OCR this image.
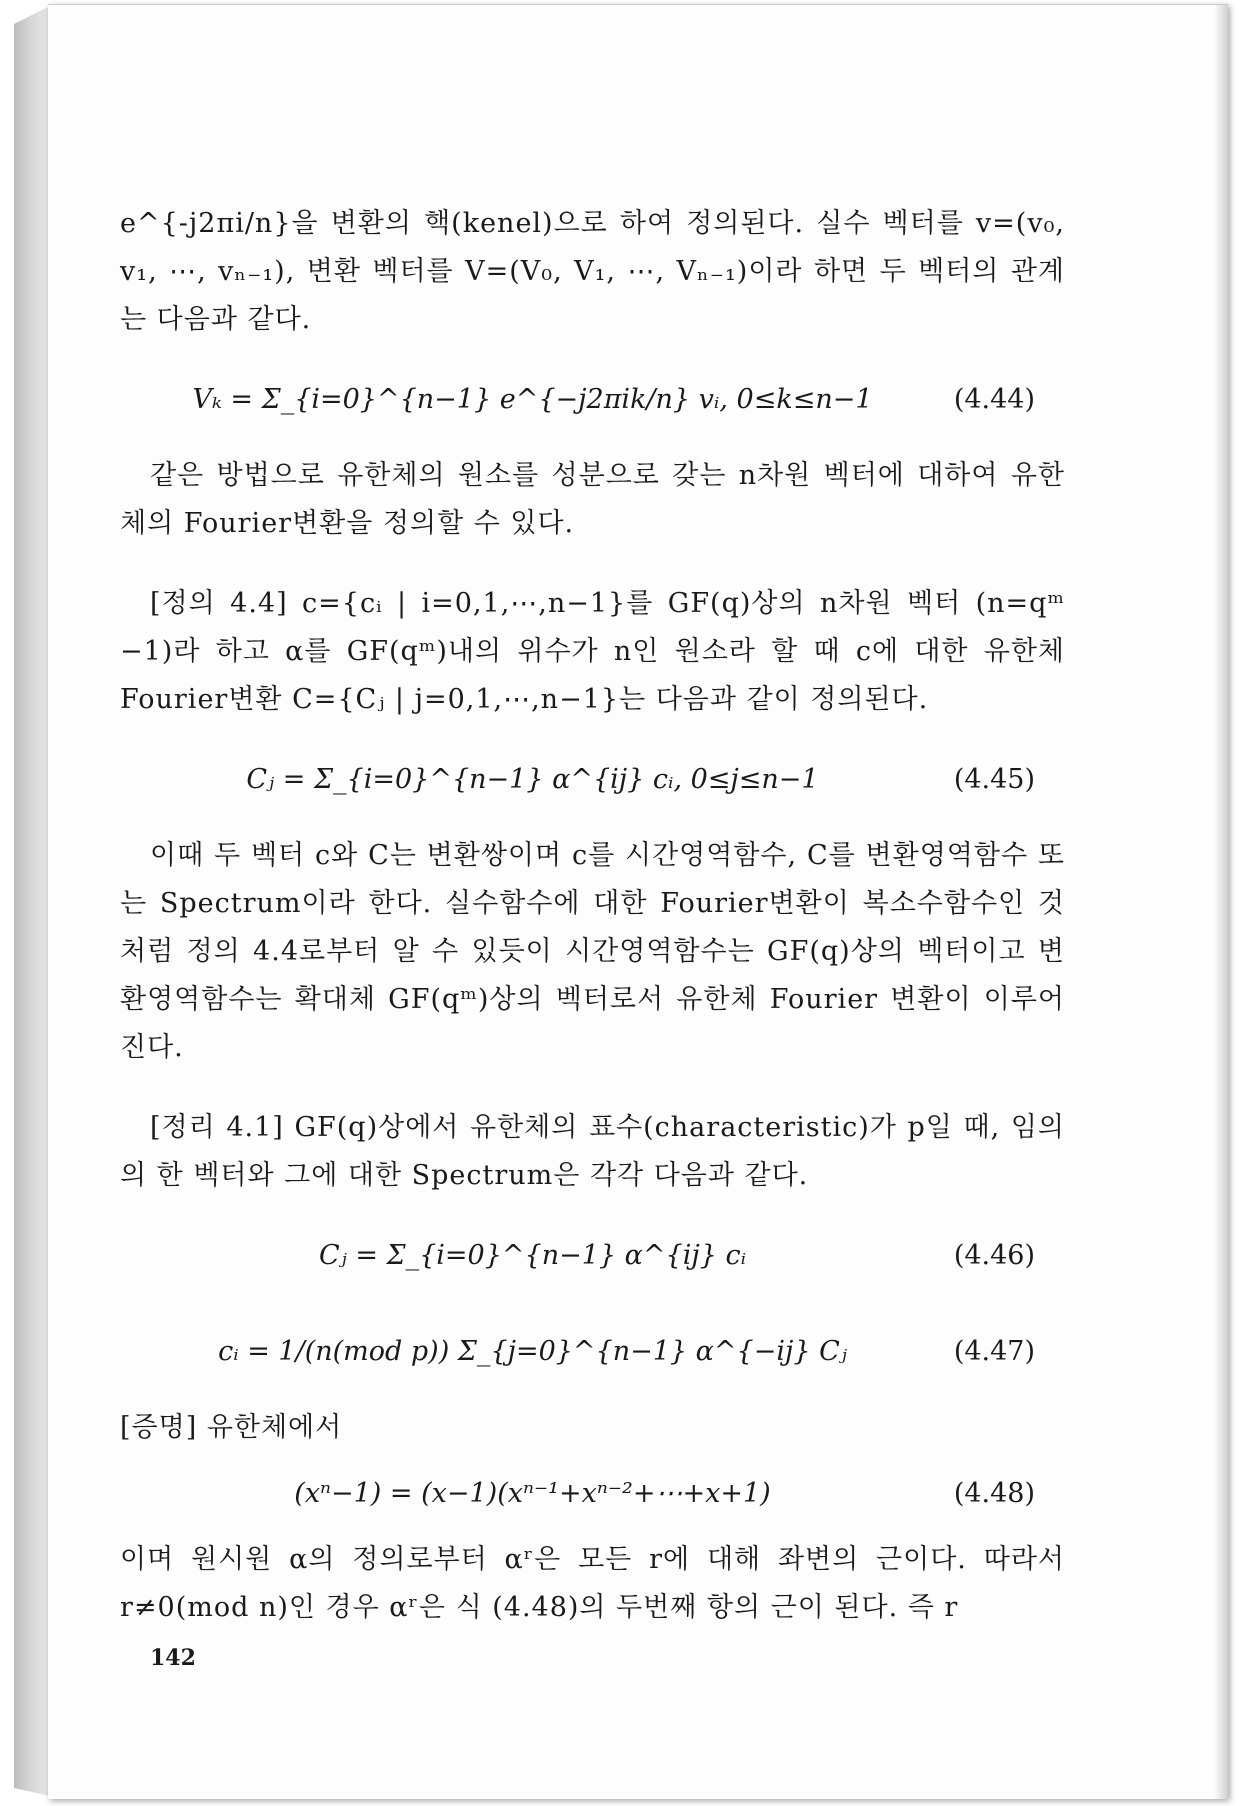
e^{-j2πi/n}을 변환의 핵(kenel)으로 하여 정의된다. 실수 벡터를 v=(v₀, v₁, ⋯, vₙ₋₁), 변환 벡터를 V=(V₀, V₁, ⋯, Vₙ₋₁)이라 하면 두 벡터의 관계는 다음과 같다.

Vₖ = Σ_{i=0}^{n−1} e^{−j2πik/n} vᵢ, 0≤k≤n−1	(4.44)

같은 방법으로 유한체의 원소를 성분으로 갖는 n차원 벡터에 대하여 유한체의 Fourier변환을 정의할 수 있다.

[정의 4.4] c={cᵢ | i=0,1,⋯,n−1}를 GF(q)상의 n차원 벡터 (n=qᵐ −1)라 하고 α를 GF(qᵐ)내의 위수가 n인 원소라 할 때 c에 대한 유한체 Fourier변환 C={Cⱼ | j=0,1,⋯,n−1}는 다음과 같이 정의된다.

Cⱼ = Σ_{i=0}^{n−1} α^{ij} cᵢ, 0≤j≤n−1	(4.45)

이때 두 벡터 c와 C는 변환쌍이며 c를 시간영역함수, C를 변환영역함수 또는 Spectrum이라 한다. 실수함수에 대한 Fourier변환이 복소수함수인 것처럼 정의 4.4로부터 알 수 있듯이 시간영역함수는 GF(q)상의 벡터이고 변환영역함수는 확대체 GF(qᵐ)상의 벡터로서 유한체 Fourier 변환이 이루어진다.

[정리 4.1] GF(q)상에서 유한체의 표수(characteristic)가 p일 때, 임의의 한 벡터와 그에 대한 Spectrum은 각각 다음과 같다.

Cⱼ = Σ_{i=0}^{n−1} α^{ij} cᵢ	(4.46)
cᵢ = 1/(n(mod p)) Σ_{j=0}^{n−1} α^{−ij} Cⱼ	(4.47)

[증명] 유한체에서

(xⁿ−1) = (x−1)(xⁿ⁻¹+xⁿ⁻²+⋯+x+1)	(4.48)

이며 원시원 α의 정의로부터 αʳ은 모든 r에 대해 좌변의 근이다. 따라서 r≠0(mod n)인 경우 αʳ은 식 (4.48)의 두번째 항의 근이 된다. 즉 r

142
